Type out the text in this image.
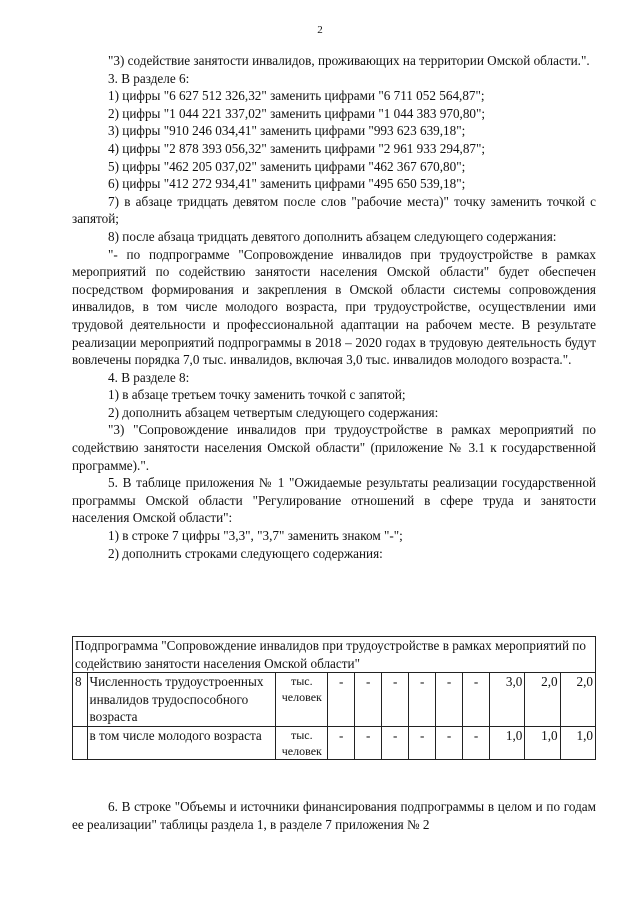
2

"3) содействие занятости инвалидов, проживающих на территории Омской области.".

3. В разделе 6:

1) цифры "6 627 512 326,32" заменить цифрами "6 711 052 564,87";

2) цифры "1 044 221 337,02" заменить цифрами "1 044 383 970,80";

3) цифры "910 246 034,41" заменить цифрами "993 623 639,18";

4) цифры "2 878 393 056,32" заменить цифрами "2 961 933 294,87";

5) цифры "462 205 037,02" заменить цифрами "462 367 670,80";

6) цифры "412 272 934,41" заменить цифрами "495 650 539,18";

7) в абзаце тридцать девятом после слов "рабочие места)" точку заменить точкой с запятой;

8) после абзаца тридцать девятого дополнить абзацем следующего содержания:

"- по подпрограмме "Сопровождение инвалидов при трудоустройстве в рамках мероприятий по содействию занятости населения Омской области" будет обеспечен посредством формирования и закрепления в Омской области системы сопровождения инвалидов, в том числе молодого возраста, при трудоустройстве, осуществлении ими трудовой деятельности и профессиональной адаптации на рабочем месте. В результате реализации мероприятий подпрограммы в 2018 – 2020 годах в трудовую деятельность будут вовлечены порядка 7,0 тыс. инвалидов, включая 3,0 тыс. инвалидов молодого возраста.".

4. В разделе 8:

1) в абзаце третьем точку заменить точкой с запятой;

2) дополнить абзацем четвертым следующего содержания:

"3) "Сопровождение инвалидов при трудоустройстве в рамках мероприятий по содействию занятости населения Омской области" (приложение № 3.1 к государственной программе).".

5. В таблице приложения № 1 "Ожидаемые результаты реализации государственной программы Омской области "Регулирование отношений в сфере труда и занятости населения Омской области":

1) в строке 7 цифры "3,3", "3,7" заменить знаком "-";

2) дополнить строками следующего содержания:

Подпрограмма "Сопровождение инвалидов при трудоустройстве в рамках мероприятий по содействию занятости населения Омской области"											
8	Численность трудоустроенных инвалидов трудоспособного возраста	тыс. человек	-	-	-	-	-	-	3,0	2,0	2,0
	в том числе молодого возраста	тыс. человек	-	-	-	-	-	-	1,0	1,0	1,0

6. В строке "Объемы и источники финансирования подпрограммы в целом и по годам ее реализации" таблицы раздела 1, в разделе 7 приложения № 2
